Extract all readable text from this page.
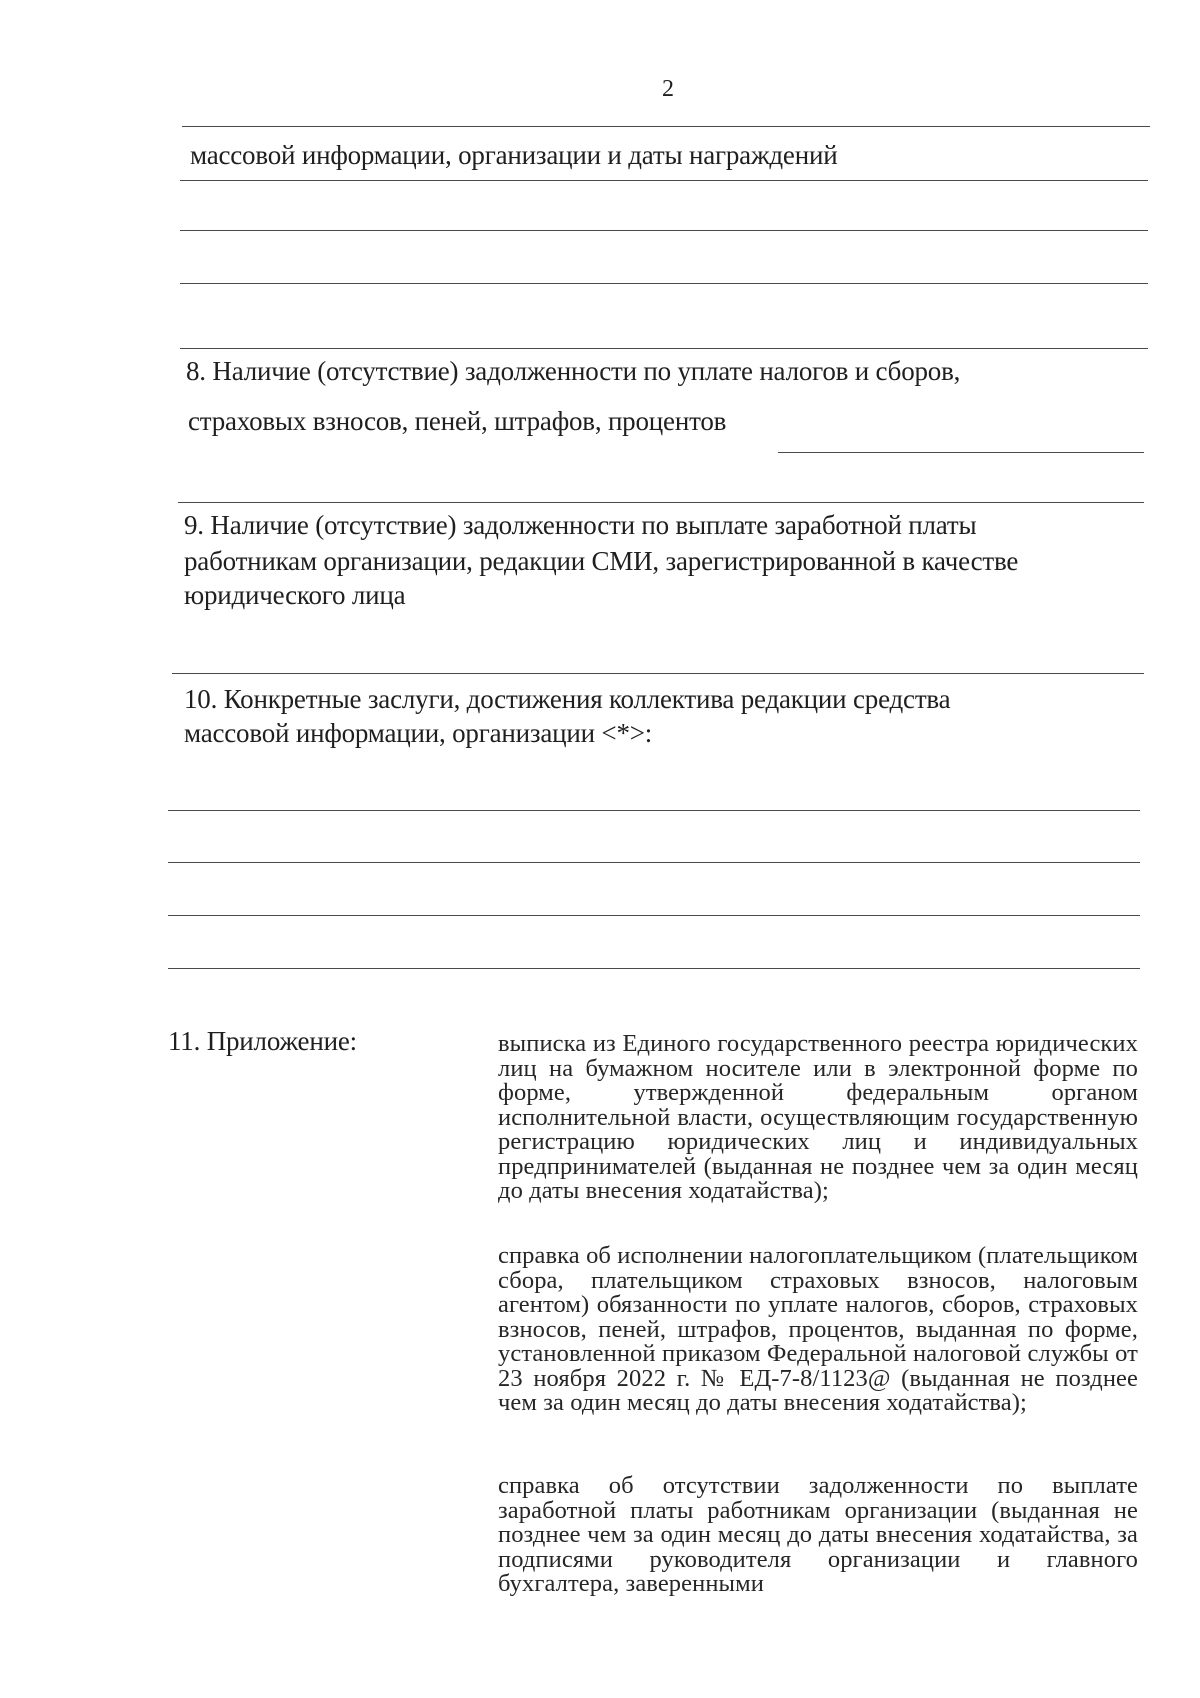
2
массовой информации, организации и даты награждений
8. Наличие (отсутствие) задолженности по уплате налогов и сборов,
страховых взносов, пеней, штрафов, процентов
9. Наличие (отсутствие) задолженности по выплате заработной платы
работникам организации, редакции СМИ, зарегистрированной в качестве
юридического лица
10. Конкретные заслуги, достижения коллектива редакции средства
массовой информации, организации <*>:
11. Приложение:	выписка из Единого государственного реестра юридических лиц на бумажном носителе или в электронной форме по форме, утвержденной федеральным органом исполнительной власти, осуществляющим государственную регистрацию юридических лиц и индивидуальных предпринимателей (выданная не позднее чем за один месяц до даты внесения ходатайства);
справка об исполнении налогоплательщиком (плательщиком сбора, плательщиком страховых взносов, налоговым агентом) обязанности по уплате налогов, сборов, страховых взносов, пеней, штрафов, процентов, выданная по форме, установленной приказом Федеральной налоговой службы от 23 ноября 2022 г. № ЕД-7-8/1123@ (выданная не позднее чем за один месяц до даты внесения ходатайства);
справка об отсутствии задолженности по выплате заработной платы работникам организации (выданная не позднее чем за один месяц до даты внесения ходатайства, за подписями руководителя организации и главного бухгалтера, заверенными
